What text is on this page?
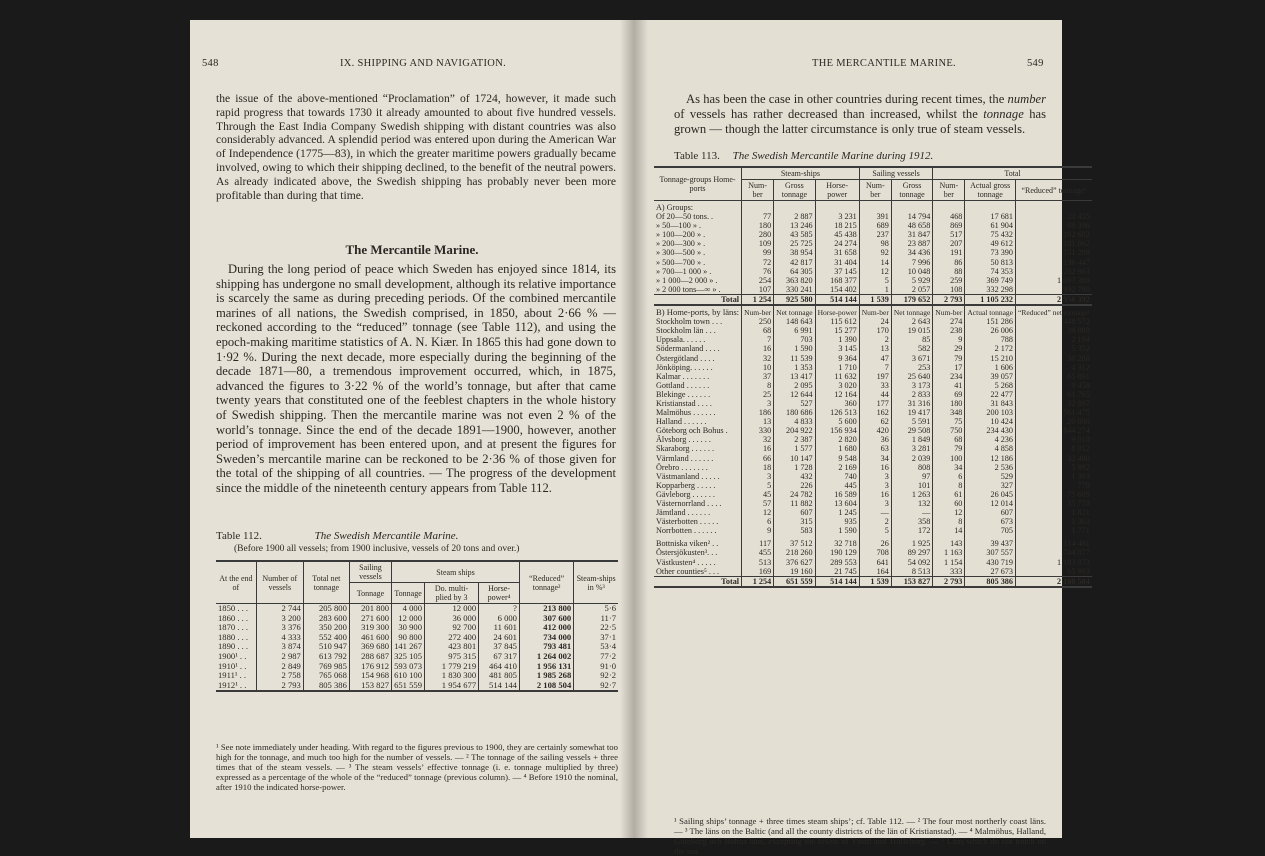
548	IX. SHIPPING AND NAVIGATION.

the issue of the above-mentioned “Proclamation” of 1724, however, it made such rapid progress that towards 1730 it already amounted to about five hundred vessels. Through the East India Company Swedish shipping with distant countries was also considerably advanced. A splendid period was entered upon during the American War of Independence (1775—83), in which the greater maritime powers gradually became involved, owing to which their shipping declined, to the benefit of the neutral powers. As already indicated above, the Swedish shipping has probably never been more profitable than during that time.

The Mercantile Marine.

During the long period of peace which Sweden has enjoyed since 1814, its shipping has undergone no small development, although its relative importance is scarcely the same as during preceding periods. Of the combined mercantile marines of all nations, the Swedish comprised, in 1850, about 2·66 % — reckoned according to the “reduced” tonnage (see Table 112), and using the epoch-making maritime statistics of A. N. Kiær. In 1865 this had gone down to 1·92 %. During the next decade, more especially during the beginning of the decade 1871—80, a tremendous improvement occurred, which, in 1875, advanced the figures to 3·22 % of the world’s tonnage, but after that came twenty years that constituted one of the feeblest chapters in the whole history of Swedish shipping. Then the mercantile marine was not even 2 % of the world’s tonnage. Since the end of the decade 1891—1900, however, another period of improvement has been entered upon, and at present the figures for Sweden’s mercantile marine can be reckoned to be 2·36 % of those given for the total of the shipping of all countries. — The progress of the development since the middle of the nineteenth century appears from Table 112.

Table 112.	The Swedish Mercantile Marine.
(Before 1900 all vessels; from 1900 inclusive, vessels of 20 tons and over.)
At the end of	Number of vessels	Total net tonnage	Sailing vessels	Steam ships			“Reduced” tonnage²	Steam-ships in %³
			Tonnage	Tonnage	Do. multi-plied by 3	Horse-power⁴		
1850 . . .	2 744	205 800	201 800	4 000	12 000	?	213 800	5·6
1860 . . .	3 200	283 600	271 600	12 000	36 000	6 000	307 600	11·7
1870 . . .	3 376	350 200	319 300	30 900	92 700	11 601	412 000	22·5
1880 . . .	4 333	552 400	461 600	90 800	272 400	24 601	734 000	37·1
1890 . . .	3 874	510 947	369 680	141 267	423 801	37 845	793 481	53·4
1900¹ . .	2 987	613 792	288 687	325 105	975 315	67 317	1 264 002	77·2
1910¹ . .	2 849	769 985	176 912	593 073	1 779 219	464 410	1 956 131	91·0
1911¹ . .	2 758	765 068	154 968	610 100	1 830 300	481 805	1 985 268	92·2
1912¹ . .	2 793	805 386	153 827	651 559	1 954 677	514 144	2 108 504	92·7
¹ See note immediately under heading. With regard to the figures previous to 1900, they are certainly somewhat too high for the tonnage, and much too high for the number of vessels. — ² The tonnage of the sailing vessels + three times that of the steam vessels. — ³ The steam vessels’ effective tonnage (i. e. tonnage multiplied by three) expressed as a percentage of the whole of the “reduced” tonnage (previous column). — ⁴ Before 1910 the nominal, after 1910 the indicated horse-power.
THE MERCANTILE MARINE.	549

As has been the case in other countries during recent times, the number of vessels has rather decreased than increased, whilst the tonnage has grown — though the latter circumstance is only true of steam vessels.

Table 113. The Swedish Mercantile Marine during 1912.
Tonnage-groups Home-ports	Steam-ships			Sailing vessels		Total		
	Num-ber	Gross tonnage	Horse-power	Num-ber	Gross tonnage	Num-ber	Actual gross tonnage	“Reduced” tonnage¹
A) Groups:								
Of 20—50 tons. .	77	2 887	3 231	391	14 794	468	17 681	23 455
» 50—100 » .	180	13 246	18 215	689	48 658	869	61 904	88 396
» 100—200 » .	280	43 585	45 438	237	31 847	517	75 432	162 602
» 200—300 » .	109	25 725	24 274	98	23 887	207	49 612	101 062
» 300—500 » .	99	38 954	31 658	92	34 436	191	73 390	151 298
» 500—700 » .	72	42 817	31 404	14	7 996	86	50 813	136 447
» 700—1 000 » .	76	64 305	37 145	12	10 048	88	74 353	202 963
» 1 000—2 000 » .	254	363 820	168 377	5	5 929	259	369 749	1 097 389
» 2 000 tons—∞ » .	107	330 241	154 402	1	2 057	108	332 298	992 780
Total	1 254	925 580	514 144	1 539	179 652	2 793	1 105 232	2 956 392
B) Home-ports, by läns:	Num-ber	Net tonnage	Horse-power	Num-ber	Net tonnage	Num-ber	Actual tonnage	“Reduced” net tonnage¹
Stockholm town . . .	250	148 643	115 612	24	2 643	274	151 286	448 572
Stockholm län . . .	68	6 991	15 277	170	19 015	238	26 006	39 988
Uppsala. . . . . .	7	703	1 390	2	85	9	788	2 194
Södermanland . . . .	16	1 590	3 145	13	582	29	2 172	5 352
Östergötland . . . .	32	11 539	9 364	47	3 671	79	15 210	38 288
Jönköping. . . . . .	10	1 353	1 710	7	253	17	1 606	4 312
Kalmar . . . . . . .	37	13 417	11 632	197	25 640	234	39 057	65 891
Gottland . . . . . .	8	2 095	3 020	33	3 173	41	5 268	9 458
Blekinge . . . . . .	25	12 644	12 164	44	2 833	69	22 477	61 765
Kristianstad . . . .	3	527	360	177	31 316	180	31 843	32 897
Malmöhus . . . . . .	186	180 686	126 513	162	19 417	348	200 103	561 475
Halland . . . . . .	13	4 833	5 600	62	5 591	75	10 424	20 090
Göteborg och Bohus .	330	204 922	156 934	420	29 508	750	234 430	644 274
Älvsborg . . . . . .	32	2 387	2 820	36	1 849	68	4 236	9 010
Skaraborg . . . . . .	16	1 577	1 680	63	3 281	79	4 858	8 012
Värmland . . . . . .	66	10 147	9 548	34	2 039	100	12 186	32 480
Örebro . . . . . . .	18	1 728	2 169	16	808	34	2 536	5 992
Västmanland . . . . .	3	432	740	3	97	6	529	1 393
Kopparberg . . . . .	5	226	445	3	101	8	327	779
Gävleborg . . . . . .	45	24 782	16 589	16	1 263	61	26 045	75 609
Västernorrland . . . .	57	11 882	13 604	3	132	60	12 014	35 778
Jämtland . . . . . .	12	607	1 245	—	—	12	607	1 821
Västerbotten . . . . .	6	315	935	2	358	8	673	1 303
Norrbotten . . . . . .	9	583	1 590	5	172	14	705	1 771

Bottniska viken² . .	117	37 512	32 718	26	1 925	143	39 437	114 461
Östersjökusten³. . .	455	218 260	190 129	708	89 297	1 163	307 557	744 077
Västkusten⁴ . . . . .	513	376 627	289 553	641	54 092	1 154	430 719	1 183 973
Other counties⁵ . . .	169	19 160	21 745	164	8 513	333	27 673	65 993
Total	1 254	651 559	514 144	1 539	153 827	2 793	805 386	2 108 504
¹ Sailing ships’ tonnage + three times steam ships’; cf. Table 112. — ² The four most northerly coast läns. — ³ The läns on the Baltic (and all the county districts of the län of Kristianstad). — ⁴ Malmöhus, Halland, Göteborg och Bohus läns, excepting the towns of Ystad and Trälleborg. — ⁵ Läns which do not touch on the sea.
